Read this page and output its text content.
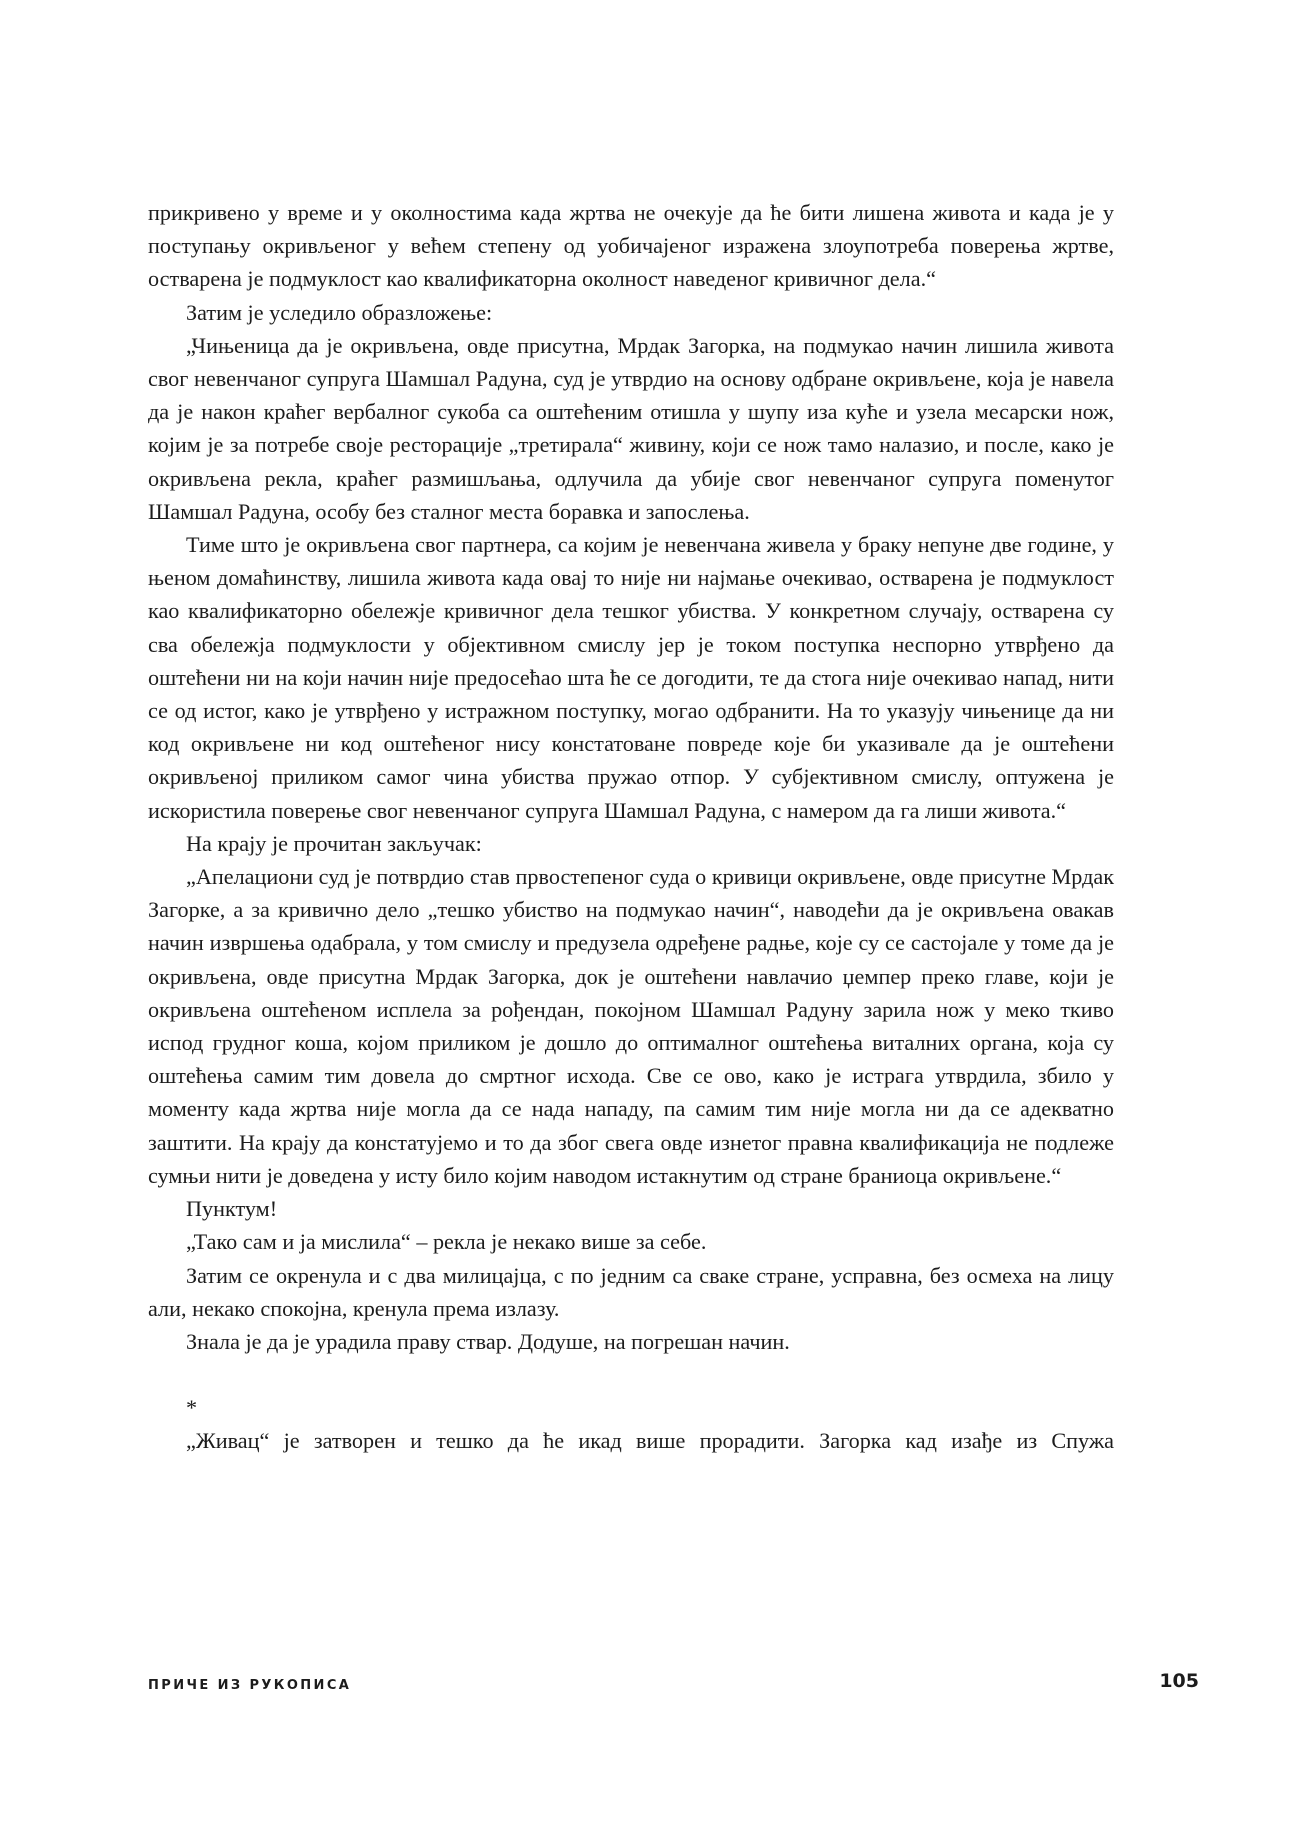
прикривено у време и у околностима када жртва не очекује да ће бити лишена живота и када је у поступању окривљеног у већем степену од уобичајеног изражена злоупотреба поверења жртве, остварена је подмуклост као квалификаторна околност наведеног кривичног дела.“

Затим је уследило образложење:

„Чињеница да је окривљена, овде присутна, Мрдак Загорка, на подмукао начин лишила живота свог невенчаног супруга Шамшал Радуна, суд је утврдио на основу одбране окривљене, која је навела да је након краћег вербалног сукоба са оштећеним отишла у шупу иза куће и узела месарски нож, којим је за потребе своје ресторације „третирала“ живину, који се нож тамо налазио, и после, како је окривљена рекла, краћег размишљања, одлучила да убије свог невенчаног супруга поменутог Шамшал Радуна, особу без сталног места боравка и запослења.

Тиме што је окривљена свог партнера, са којим је невенчана живела у браку непуне две године, у њеном домаћинству, лишила живота када овај то није ни најмање очекивао, остварена је подмуклост као квалификаторно обележје кривичног дела тешког убиства. У конкретном случају, остварена су сва обележја подмуклости у објективном смислу јер је током поступка неспорно утврђено да оштећени ни на који начин није предосећао шта ће се догодити, те да стога није очекивао напад, нити се од истог, како је утврђено у истражном поступку, могао одбранити. На то указују чињенице да ни код окривљене ни код оштећеног нису констатоване повреде које би указивале да је оштећени окривљеној приликом самог чина убиства пружао отпор. У субјективном смислу, оптужена је искористила поверење свог невенчаног супруга Шамшал Радуна, с намером да га лиши живота.“

На крају је прочитан закључак:

„Апелациони суд је потврдио став првостепеног суда о кривици окривљене, овде присутне Мрдак Загорке, а за кривично дело „тешко убиство на подмукао начин“, наводећи да је окривљена овакав начин извршења одабрала, у том смислу и предузела одређене радње, које су се састојале у томе да је окривљена, овде присутна Мрдак Загорка, док је оштећени навлачио џемпер преко главе, који је окривљена оштећеном исплела за рођендан, покојном Шамшал Радуну зарила нож у меко ткиво испод грудног коша, којом приликом је дошло до оптималног оштећења виталних органа, која су оштећења самим тим довела до смртног исхода. Све се ово, како је истрага утврдила, збило у моменту када жртва није могла да се нада нападу, па самим тим није могла ни да се адекватно заштити. На крају да констатујемо и то да због свега овде изнетог правна квалификација не подлеже сумњи нити је доведена у исту било којим наводом истакнутим од стране браниоца окривљене.“

Пунктум!

„Тако сам и ја мислила“ – рекла је некако више за себе.

Затим се окренула и с два милицајца, с по једним са сваке стране, усправна, без осмеха на лицу али, некако спокојна, кренула према излазу.

Знала је да је урадила праву ствар. Додуше, на погрешан начин.

*

„Живац“ је затворен и тешко да ће икад више прорадити. Загорка кад изађе из Спужа

ПРИЧЕ ИЗ РУКОПИСА	105
